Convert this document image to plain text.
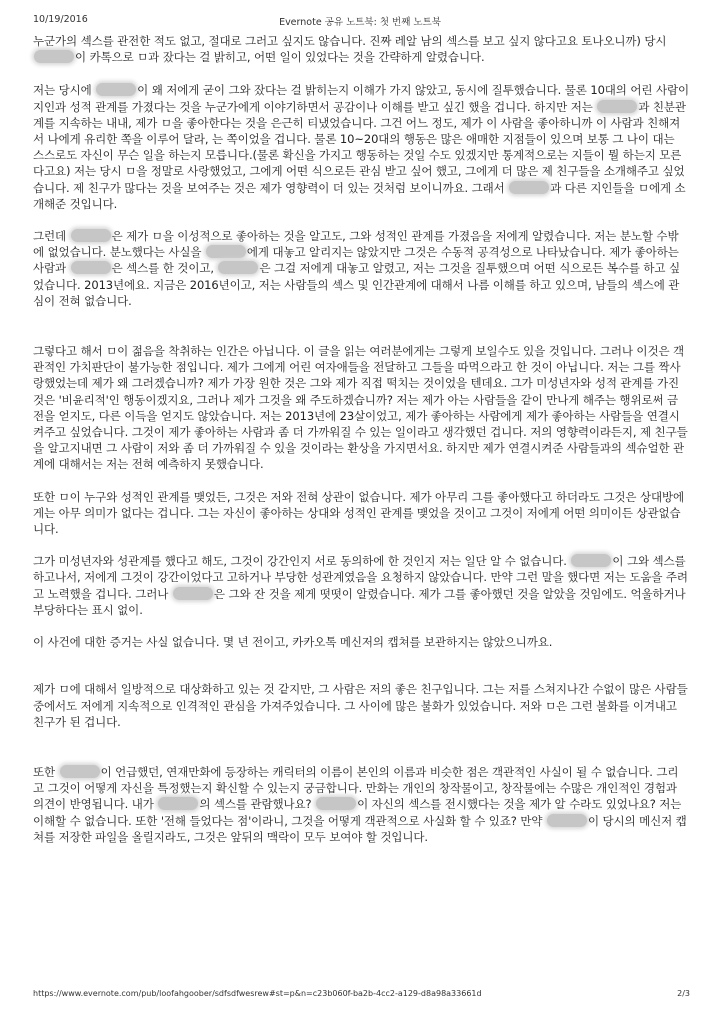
10/19/2016	Evernote 공유 노트북: 첫 번째 노트북

누군가의 섹스를 관전한 적도 없고, 절대로 그러고 싶지도 않습니다. 진짜 레알 남의 섹스를 보고 싶지 않다고요 토나오니까) 당시 이 카톡으로 ㅁ과 잤다는 걸 밝히고, 어떤 일이 있었다는 것을 간략하게 알렸습니다.

저는 당시에	이 왜 저에게 굳이 그와 잤다는 걸 밝히는지 이해가 가지 않았고, 동시에 질투했습니다. 물론 10대의 어린 사람이 지인과 성적 관계를 가졌다는 것을 누군가에게 이야기하면서 공감이나 이해를 받고 싶긴 했을 겁니다. 하지만 저는	과 친분관계를 지속하는 내내, 제가 ㅁ을 좋아한다는 것을 은근히 티냈었습니다. 그건 어느 정도, 제가 이 사람을 좋아하니까 이 사람과 친해져서 나에게 유리한 쪽을 이루어 달라, 는 쪽이었을 겁니다. 물론 10~20대의 행동은 많은 애매한 지점들이 있으며 보통 그 나이 대는 스스로도 자신이 무슨 일을 하는지 모릅니다.(물론 확신을 가지고 행동하는 것일 수도 있겠지만 통계적으로는 지들이 뭘 하는지 모른다고요) 저는 당시 ㅁ을 정말로 사랑했었고, 그에게 어떤 식으로든 관심 받고 싶어 했고, 그에게 더 많은 제 친구들을 소개해주고 싶었습니다. 제 친구가 많다는 것을 보여주는 것은 제가 영향력이 더 있는 것처럼 보이니까요. 그래서	과 다른 지인들을 ㅁ에게 소개해준 것입니다.

그런데	은 제가 ㅁ을 이성적으로 좋아하는 것을 알고도, 그와 성적인 관계를 가졌음을 저에게 알렸습니다. 저는 분노할 수밖에 없었습니다. 분노했다는 사실을	에게 대놓고 알리지는 않았지만 그것은 수동적 공격성으로 나타났습니다. 제가 좋아하는 사람과	은 섹스를 한 것이고,	은 그걸 저에게 대놓고 알렸고, 저는 그것을 질투했으며 어떤 식으로든 복수를 하고 싶었습니다. 2013년에요. 지금은 2016년이고, 저는 사람들의 섹스 및 인간관계에 대해서 나름 이해를 하고 있으며, 남들의 섹스에 관심이 전혀 없습니다.

그렇다고 해서 ㅁ이 젊음을 착취하는 인간은 아닙니다. 이 글을 읽는 여러분에게는 그렇게 보일수도 있을 것입니다. 그러나 이것은 객관적인 가치판단이 불가능한 점입니다. 제가 그에게 어린 여자애들을 전달하고 그들을 따먹으라고 한 것이 아닙니다. 저는 그를 짝사랑했었는데 제가 왜 그러겠습니까? 제가 가장 원한 것은 그와 제가 직접 떡치는 것이었을 텐데요. 그가 미성년자와 성적 관계를 가진 것은 '비윤리적'인 행동이겠지요, 그러나 제가 그것을 왜 주도하겠습니까? 저는 제가 아는 사람들을 같이 만나게 해주는 행위로써 금전을 얻지도, 다른 이득을 얻지도 않았습니다. 저는 2013년에 23살이었고, 제가 좋아하는 사람에게 제가 좋아하는 사람들을 연결시켜주고 싶었습니다. 그것이 제가 좋아하는 사람과 좀 더 가까워질 수 있는 일이라고 생각했던 겁니다. 저의 영향력이라든지, 제 친구들을 알고지내면 그 사람이 저와 좀 더 가까워질 수 있을 것이라는 환상을 가지면서요. 하지만 제가 연결시켜준 사람들과의 섹슈얼한 관계에 대해서는 저는 전혀 예측하지 못했습니다.

또한 ㅁ이 누구와 성적인 관계를 맺었든, 그것은 저와 전혀 상관이 없습니다. 제가 아무리 그를 좋아했다고 하더라도 그것은 상대방에게는 아무 의미가 없다는 겁니다. 그는 자신이 좋아하는 상대와 성적인 관계를 맺었을 것이고 그것이 저에게 어떤 의미이든 상관없습니다.

그가 미성년자와 성관계를 했다고 해도, 그것이 강간인지 서로 동의하에 한 것인지 저는 일단 알 수 없습니다.	이 그와 섹스를 하고나서, 저에게 그것이 강간이었다고 고하거나 부당한 성관계였음을 요청하지 않았습니다. 만약 그런 말을 했다면 저는 도움을 주려고 노력했을 겁니다. 그러나	은 그와 잔 것을 제게 떳떳이 알렸습니다. 제가 그를 좋아했던 것을 알았을 것임에도. 억울하거나 부당하다는 표시 없이.

이 사건에 대한 증거는 사실 없습니다. 몇 년 전이고, 카카오톡 메신저의 캡쳐를 보관하지는 않았으니까요.

제가 ㅁ에 대해서 일방적으로 대상화하고 있는 것 같지만, 그 사람은 저의 좋은 친구입니다. 그는 저를 스쳐지나간 수없이 많은 사람들 중에서도 저에게 지속적으로 인격적인 관심을 가져주었습니다. 그 사이에 많은 불화가 있었습니다. 저와 ㅁ은 그런 불화를 이겨내고 친구가 된 겁니다.

또한	이 언급했던, 연재만화에 등장하는 캐릭터의 이름이 본인의 이름과 비슷한 점은 객관적인 사실이 될 수 없습니다. 그리고 그것이 어떻게 자신을 특정했는지 확신할 수 있는지 궁금합니다. 만화는 개인의 창작물이고, 창작물에는 수많은 개인적인 경험과 의견이 반영됩니다. 내가	의 섹스를 관람했나요?	이 자신의 섹스를 전시했다는 것을 제가 알 수라도 있었나요? 저는 이해할 수 없습니다. 또한 '전해 들었다는 점'이라니, 그것을 어떻게 객관적으로 사실화 할 수 있죠? 만약	이 당시의 메신저 캡쳐를 저장한 파일을 올릴지라도, 그것은 앞뒤의 맥락이 모두 보여야 할 것입니다.

https://www.evernote.com/pub/loofahgoober/sdfsdfwesrew#st=p&n=c23b060f-ba2b-4cc2-a129-d8a98a33661d	2/3
